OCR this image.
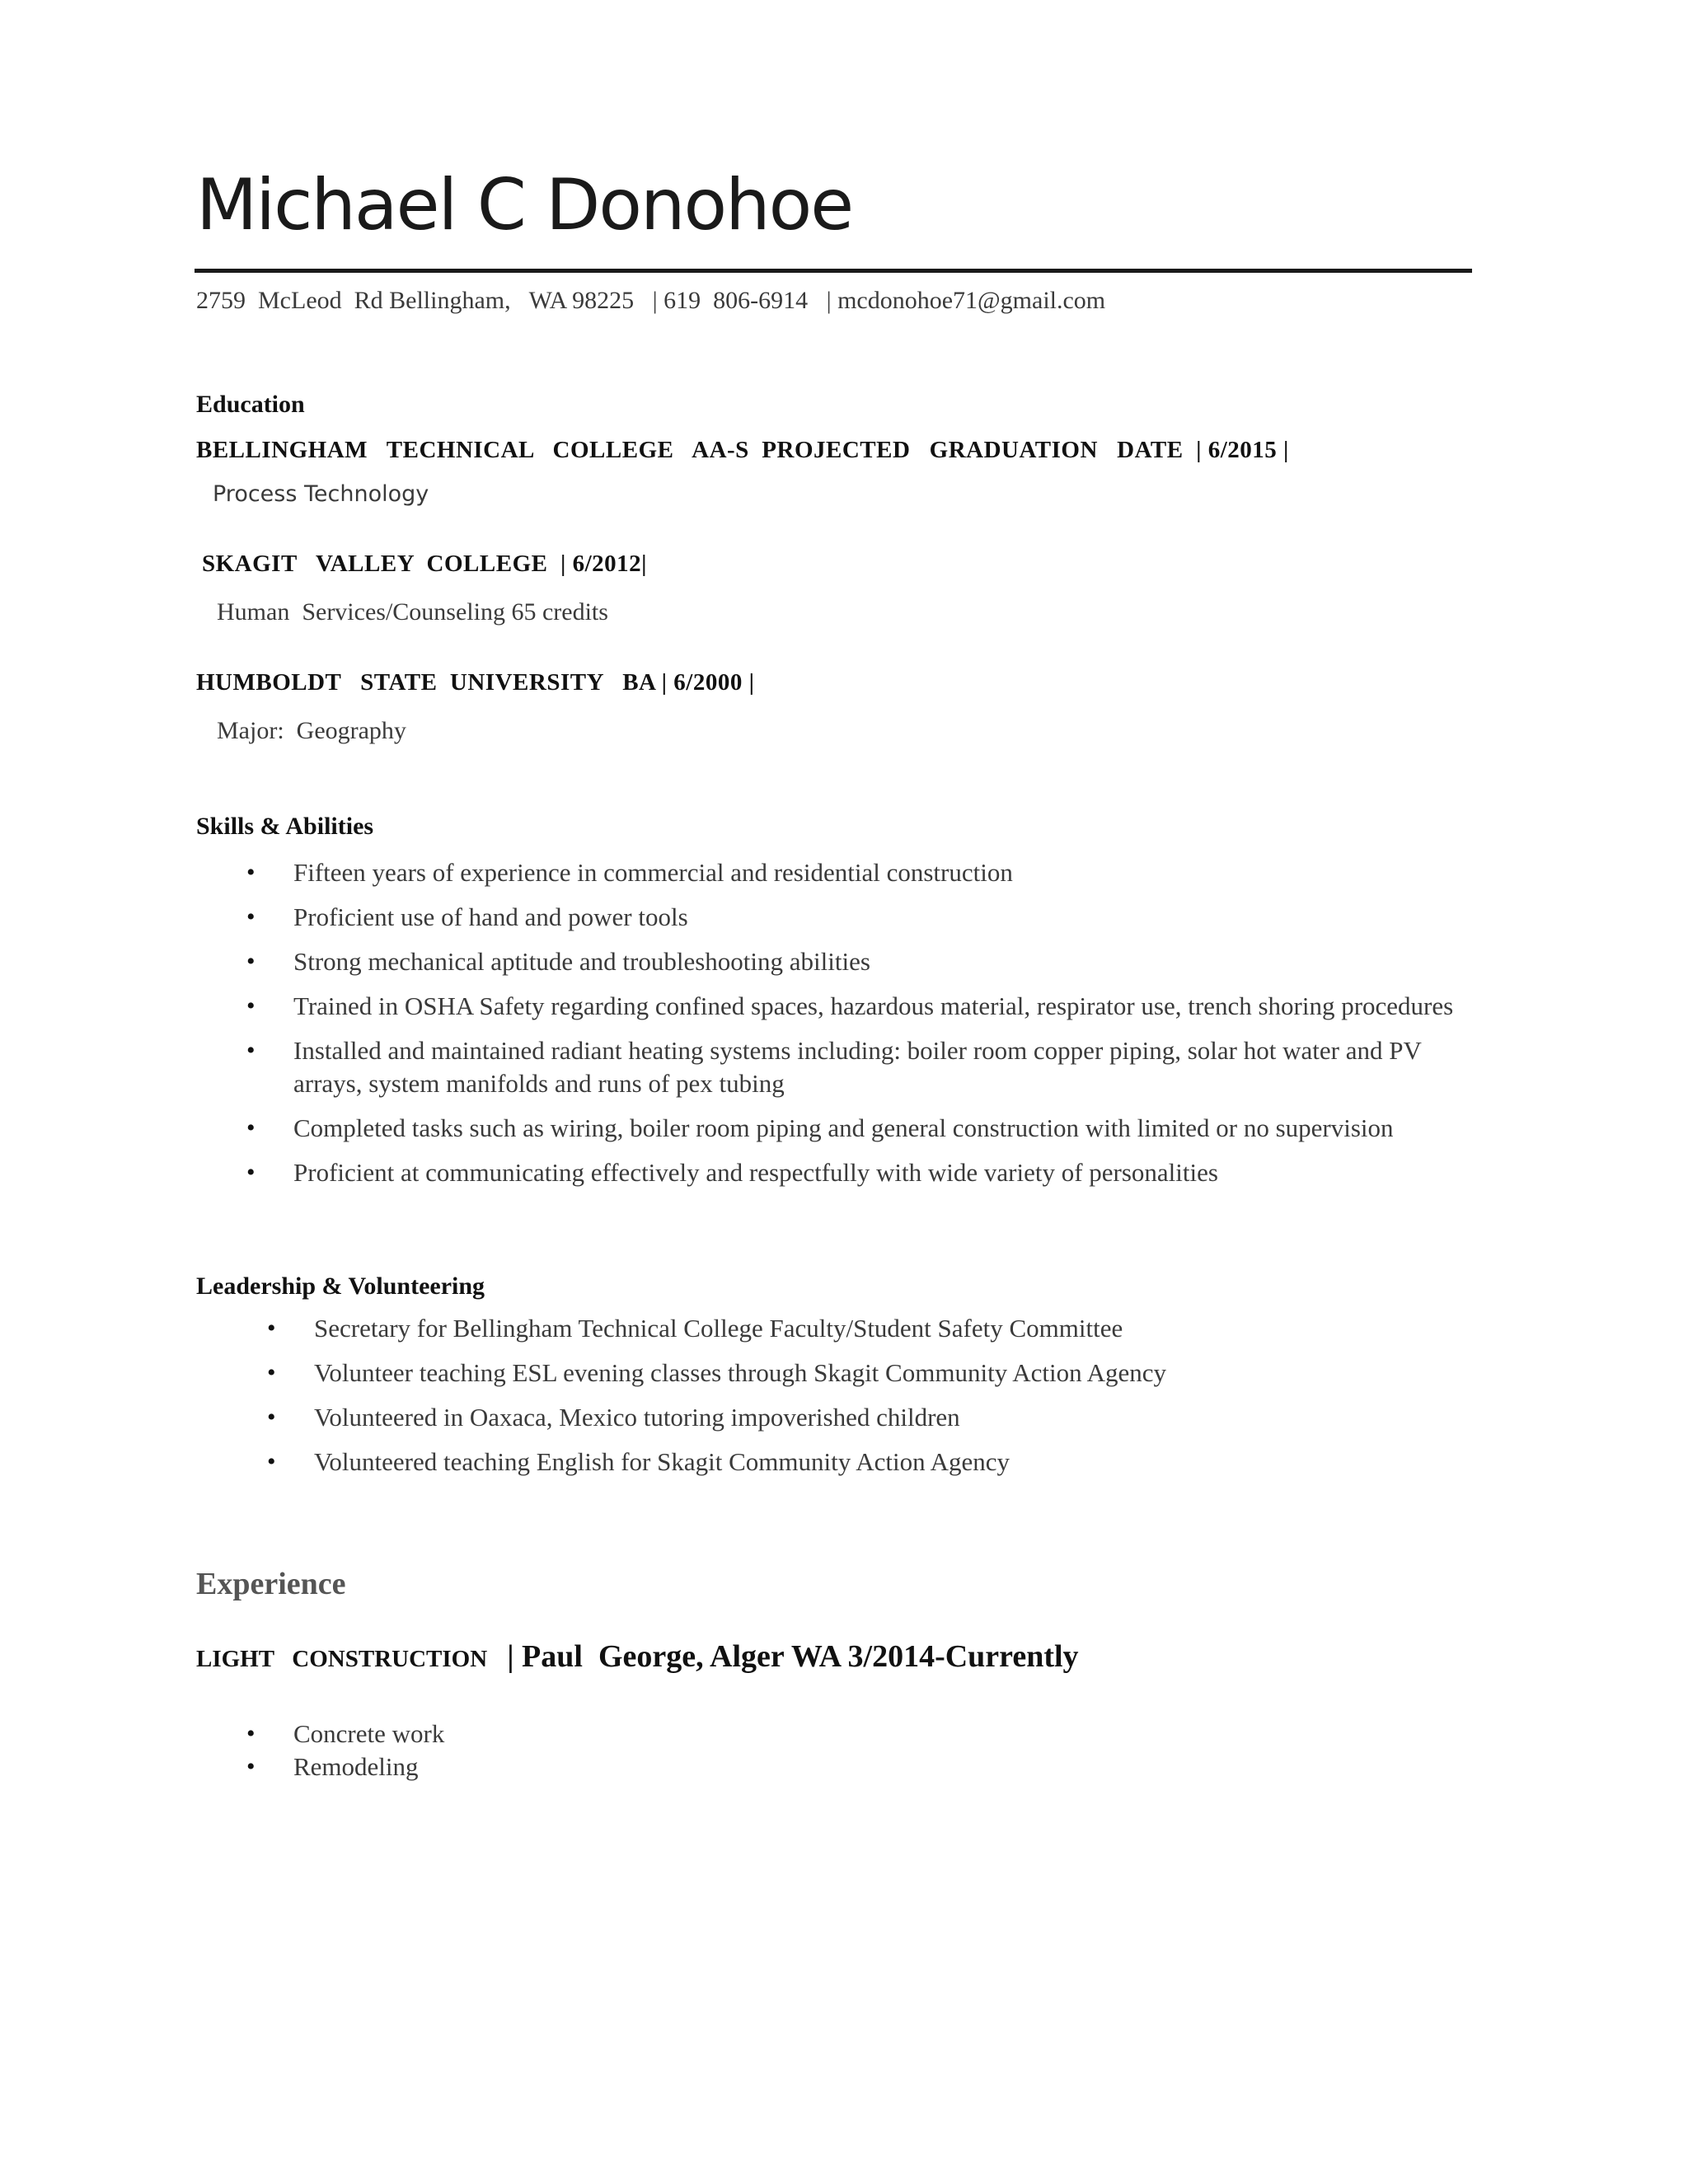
Michael C Donohoe
2759  McLeod  Rd Bellingham,   WA 98225   | 619  806-6914   | mcdonohoe71@gmail.com
Education
BELLINGHAM   TECHNICAL   COLLEGE   AA-S  PROJECTED   GRADUATION   DATE  | 6/2015 |
Process Technology
SKAGIT   VALLEY  COLLEGE  | 6/2012|
Human  Services/Counseling 65 credits
HUMBOLDT   STATE  UNIVERSITY   BA | 6/2000 |
Major:  Geography
Skills & Abilities
• Fifteen years of experience in commercial and residential construction
• Proficient use of hand and power tools
• Strong mechanical aptitude and troubleshooting abilities
• Trained in OSHA Safety regarding confined spaces, hazardous material, respirator use, trench shoring procedures
• Installed and maintained radiant heating systems including: boiler room copper piping, solar hot water and PV arrays, system manifolds and runs of pex tubing
• Completed tasks such as wiring, boiler room piping and general construction with limited or no supervision
• Proficient at communicating effectively and respectfully with wide variety of personalities
Leadership & Volunteering
• Secretary for Bellingham Technical College Faculty/Student Safety Committee
• Volunteer teaching ESL evening classes through Skagit Community Action Agency
• Volunteered in Oaxaca, Mexico tutoring impoverished children
• Volunteered teaching English for Skagit Community Action Agency
Experience
LIGHT   CONSTRUCTION   | Paul  George, Alger WA 3/2014-Currently
• Concrete work
• Remodeling
